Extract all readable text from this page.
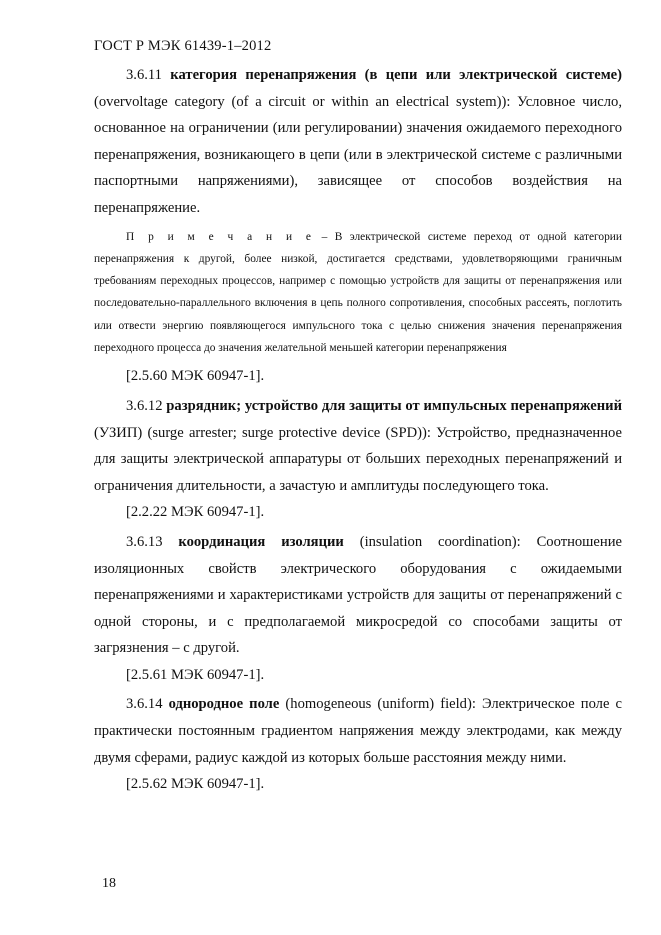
ГОСТ Р МЭК 61439-1–2012

3.6.11 категория перенапряжения (в цепи или электрической системе) (overvoltage category (of a circuit or within an electrical system)): Условное число, основанное на ограничении (или регулировании) значения ожидаемого переходного перенапряжения, возникающего в цепи (или в электрической системе с различными паспортными напряжениями), зависящее от способов воздействия на перенапряжение.

П р и м е ч а н и е – В электрической системе переход от одной категории перенапряжения к другой, более низкой, достигается средствами, удовлетворяющими граничным требованиям переходных процессов, например с помощью устройств для защиты от перенапряжения или последовательно-параллельного включения в цепь полного сопротивления, способных рассеять, поглотить или отвести энергию появляющегося импульсного тока с целью снижения значения перенапряжения переходного процесса до значения желательной меньшей категории перенапряжения

[2.5.60 МЭК 60947-1].

3.6.12 разрядник; устройство для защиты от импульсных перенапряжений (УЗИП) (surge arrester; surge protective device (SPD)): Устройство, предназначенное для защиты электрической аппаратуры от больших переходных перенапряжений и ограничения длительности, а зачастую и амплитуды последующего тока.

[2.2.22 МЭК 60947-1].

3.6.13 координация изоляции (insulation coordination): Соотношение изоляционных свойств электрического оборудования с ожидаемыми перенапряжениями и характеристиками устройств для защиты от перенапряжений с одной стороны, и с предполагаемой микросредой со способами защиты от загрязнения – с другой.

[2.5.61 МЭК 60947-1].

3.6.14 однородное поле (homogeneous (uniform) field): Электрическое поле с практически постоянным градиентом напряжения между электродами, как между двумя сферами, радиус каждой из которых больше расстояния между ними.

[2.5.62 МЭК 60947-1].

18
